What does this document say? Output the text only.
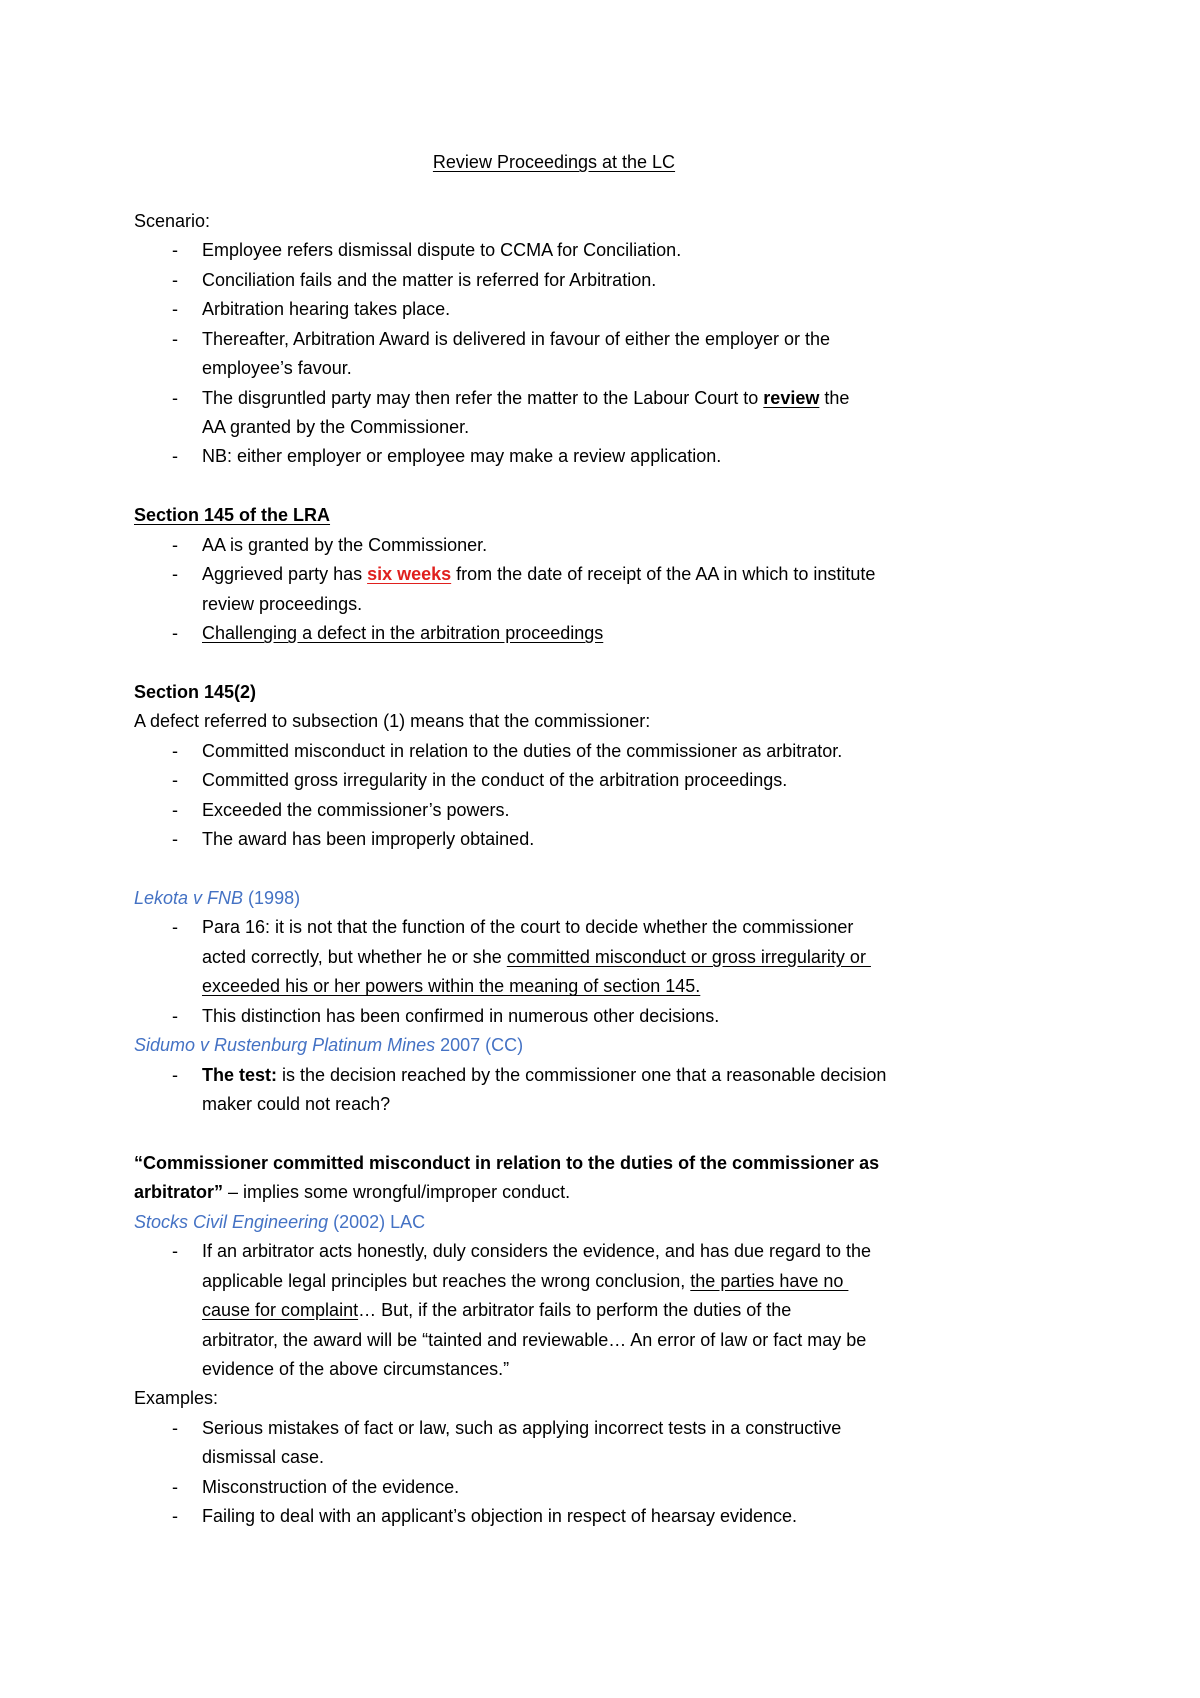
Review Proceedings at the LC
Scenario:
- Employee refers dismissal dispute to CCMA for Conciliation.
- Conciliation fails and the matter is referred for Arbitration.
- Arbitration hearing takes place.
- Thereafter, Arbitration Award is delivered in favour of either the employer or the
employee’s favour.
- The disgruntled party may then refer the matter to the Labour Court to review the
AA granted by the Commissioner.
- NB: either employer or employee may make a review application.
Section 145 of the LRA
- AA is granted by the Commissioner.
- Aggrieved party has six weeks from the date of receipt of the AA in which to institute
review proceedings.
- Challenging a defect in the arbitration proceedings
Section 145(2)
A defect referred to subsection (1) means that the commissioner:
- Committed misconduct in relation to the duties of the commissioner as arbitrator.
- Committed gross irregularity in the conduct of the arbitration proceedings.
- Exceeded the commissioner’s powers.
- The award has been improperly obtained.
Lekota v FNB (1998)
- Para 16: it is not that the function of the court to decide whether the commissioner
acted correctly, but whether he or she committed misconduct or gross irregularity or
exceeded his or her powers within the meaning of section 145.
- This distinction has been confirmed in numerous other decisions.
Sidumo v Rustenburg Platinum Mines 2007 (CC)
- The test: is the decision reached by the commissioner one that a reasonable decision
maker could not reach?
“Commissioner committed misconduct in relation to the duties of the commissioner as
arbitrator” – implies some wrongful/improper conduct.
Stocks Civil Engineering (2002) LAC
- If an arbitrator acts honestly, duly considers the evidence, and has due regard to the
applicable legal principles but reaches the wrong conclusion, the parties have no
cause for complaint… But, if the arbitrator fails to perform the duties of the
arbitrator, the award will be “tainted and reviewable… An error of law or fact may be
evidence of the above circumstances.”
Examples:
- Serious mistakes of fact or law, such as applying incorrect tests in a constructive
dismissal case.
- Misconstruction of the evidence.
- Failing to deal with an applicant’s objection in respect of hearsay evidence.
